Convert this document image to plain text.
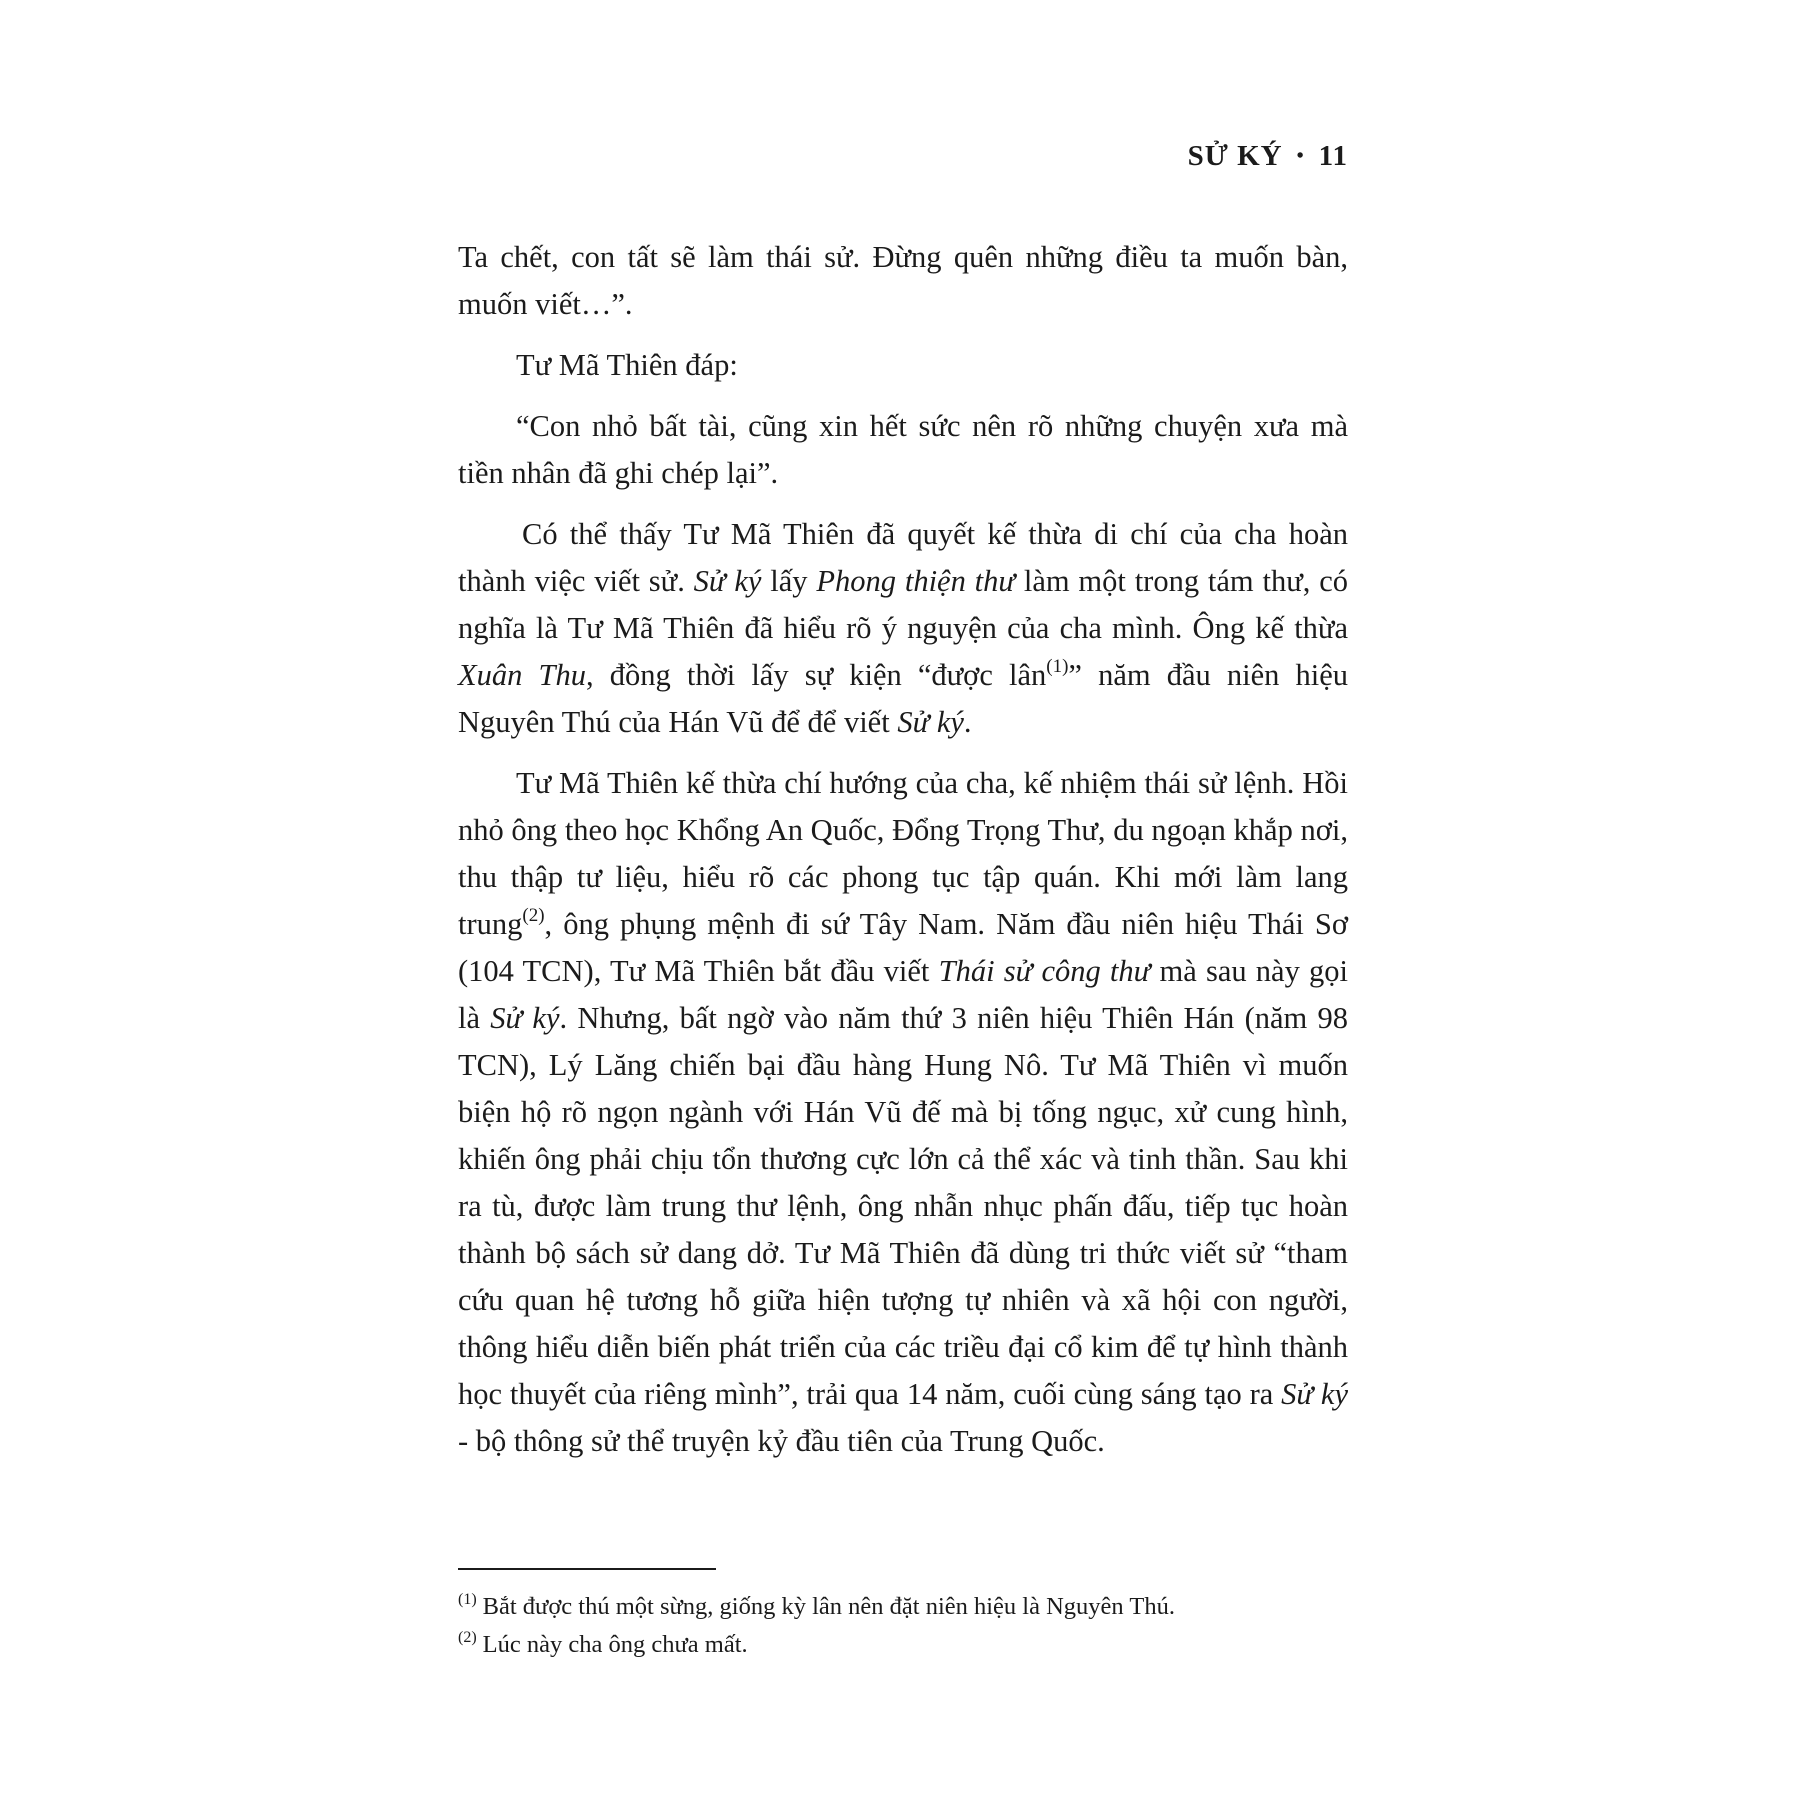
SỬ KÝ • 11

Ta chết, con tất sẽ làm thái sử. Đừng quên những điều ta muốn bàn, muốn viết…”.

Tư Mã Thiên đáp:

“Con nhỏ bất tài, cũng xin hết sức nên rõ những chuyện xưa mà tiền nhân đã ghi chép lại”.

Có thể thấy Tư Mã Thiên đã quyết kế thừa di chí của cha hoàn thành việc viết sử. Sử ký lấy Phong thiện thư làm một trong tám thư, có nghĩa là Tư Mã Thiên đã hiểu rõ ý nguyện của cha mình. Ông kế thừa Xuân Thu, đồng thời lấy sự kiện “được lân$^{(1)}$” năm đầu niên hiệu Nguyên Thú của Hán Vũ để để viết Sử ký.

Tư Mã Thiên kế thừa chí hướng của cha, kế nhiệm thái sử lệnh. Hồi nhỏ ông theo học Khổng An Quốc, Đổng Trọng Thư, du ngoạn khắp nơi, thu thập tư liệu, hiểu rõ các phong tục tập quán. Khi mới làm lang trung$^{(2)}$, ông phụng mệnh đi sứ Tây Nam. Năm đầu niên hiệu Thái Sơ (104 TCN), Tư Mã Thiên bắt đầu viết Thái sử công thư mà sau này gọi là Sử ký. Nhưng, bất ngờ vào năm thứ 3 niên hiệu Thiên Hán (năm 98 TCN), Lý Lăng chiến bại đầu hàng Hung Nô. Tư Mã Thiên vì muốn biện hộ rõ ngọn ngành với Hán Vũ đế mà bị tống ngục, xử cung hình, khiến ông phải chịu tổn thương cực lớn cả thể xác và tinh thần. Sau khi ra tù, được làm trung thư lệnh, ông nhẫn nhục phấn đấu, tiếp tục hoàn thành bộ sách sử dang dở. Tư Mã Thiên đã dùng tri thức viết sử “tham cứu quan hệ tương hỗ giữa hiện tượng tự nhiên và xã hội con người, thông hiểu diễn biến phát triển của các triều đại cổ kim để tự hình thành học thuyết của riêng mình”, trải qua 14 năm, cuối cùng sáng tạo ra Sử ký - bộ thông sử thể truyện kỷ đầu tiên của Trung Quốc.

$^{(1)}$ Bắt được thú một sừng, giống kỳ lân nên đặt niên hiệu là Nguyên Thú.

$^{(2)}$ Lúc này cha ông chưa mất.
